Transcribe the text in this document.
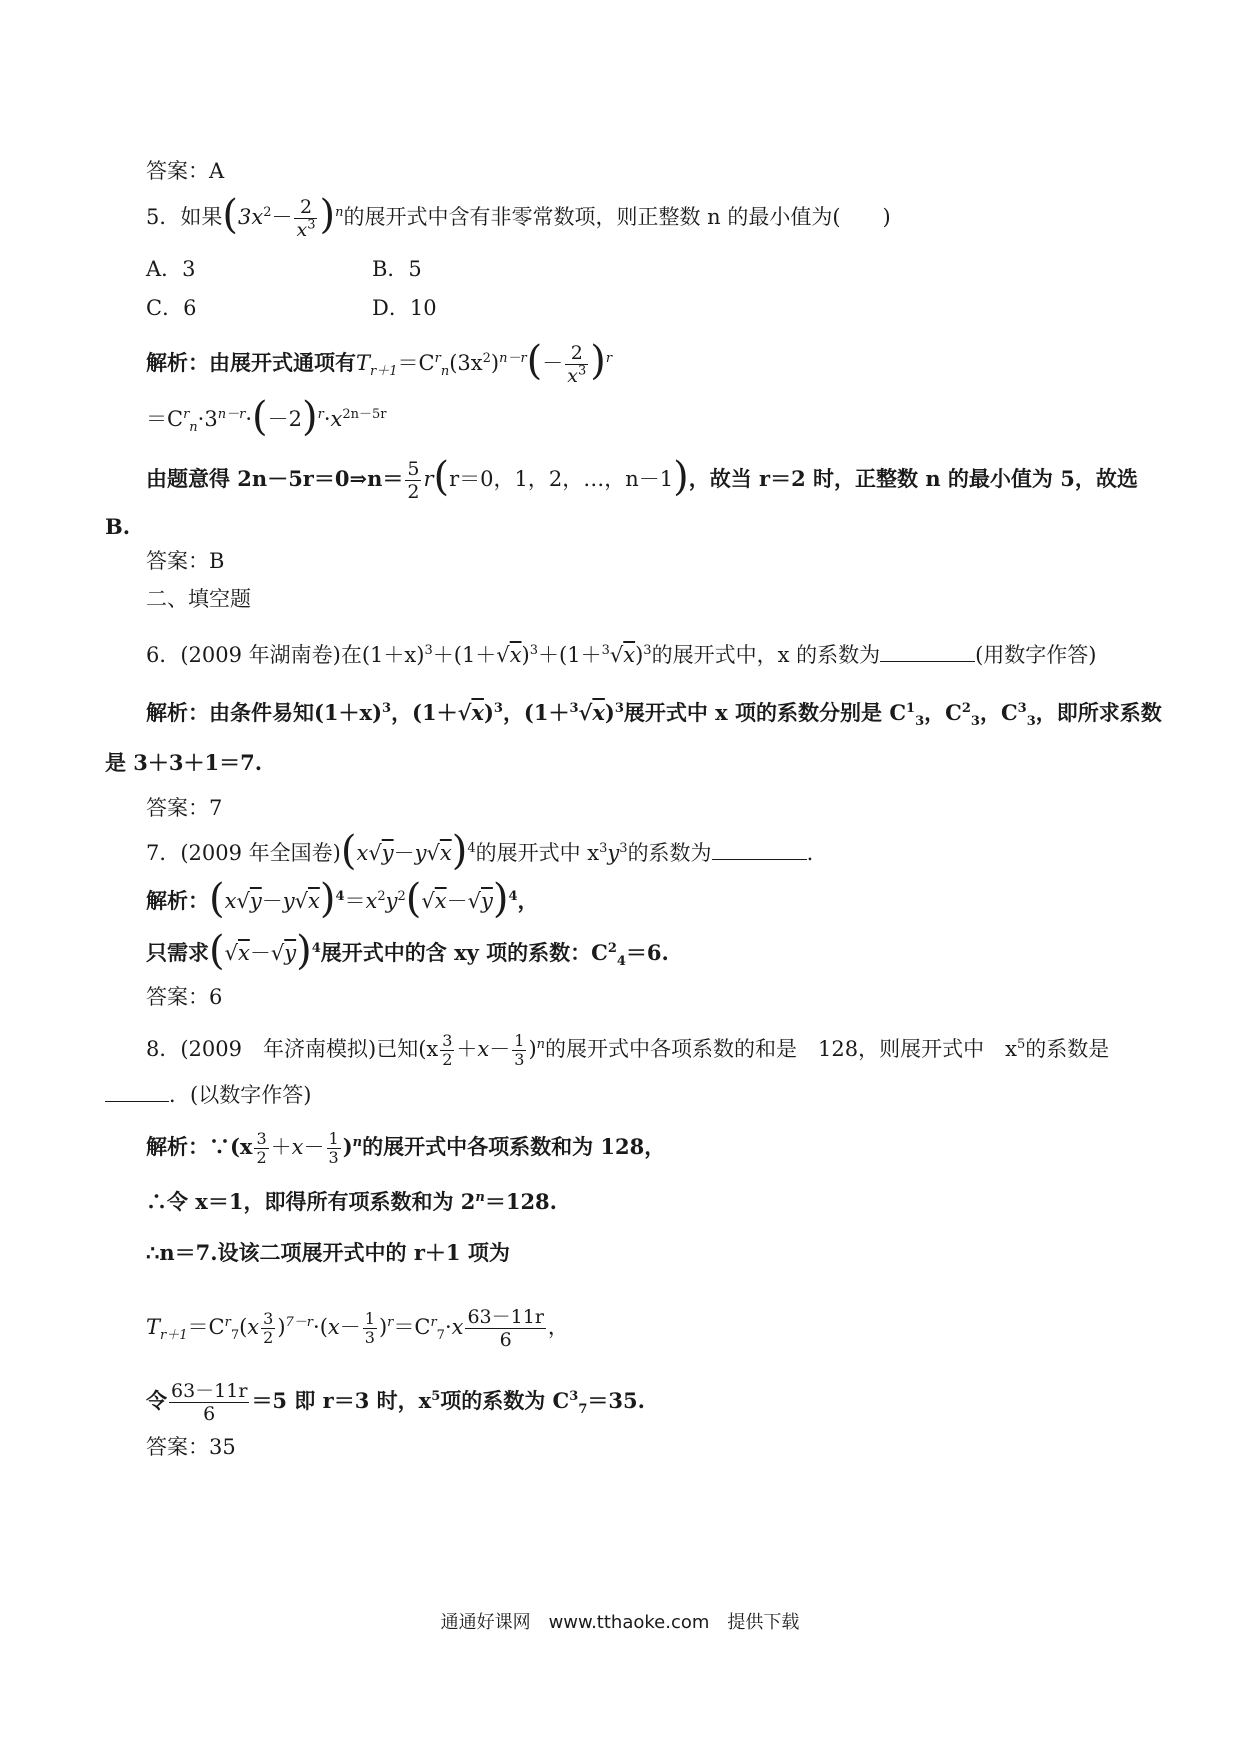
答案：A
5．如果$(3x^2- \frac{2}{x^3} )^n$的展开式中含有非零常数项，则正整数 n 的最小值为(　　)
A．3	B．5
C．6	D．10
解析：由展开式通项有$T_{r+1}=C^r_n(3x^2)^{n-r}(- \frac{2}{x^3} )^r$
$=C^r_n\cdot 3^{n-r}\cdot(-2)^r\cdot x^{2n-5r}$
由题意得 2n－5r＝0⇒n＝ $\frac{5}{2} r(r=0$，1，2，…，n－1)，故当 r＝2 时，正整数 n 的最小值为 5，故选
B.
答案：B
二、填空题
6．(2009 年湖南卷)在$(1+x)^3+(1+√x)^3+(1+^3√x)^3$的展开式中，x 的系数为	(用数字作答)
解析：由条件易知$(1+x)^3$，$(1+√x)^3$，$(1+^3√x)^3$展开式中 x 项的系数分别是 $C^1_3$，$C^2_3$，$C^3_3$，即所求系数
是 3＋3＋1＝7.
答案：7
7．(2009 年全国卷)$(x√y-y√x)^4$的展开式中 $x^3y^3$的系数为	.
解析：$(x√y-y√x)^4=x^2y^2(√x-√y)^4$，
只需求$(√x-√y)^4$展开式中的含 xy 项的系数：$C^2_4=6$.
答案：6
8．(2009　年济南模拟)已知$(x \frac{3}{2} +x- \frac{1}{3} )^n$的展开式中各项系数的和是　128，则展开式中　$x^5$的系数是
．(以数字作答)
解析：∵(x $\frac{3}{2} +x- \frac{1}{3} )^n$的展开式中各项系数和为 128，
∴令 x＝1，即得所有项系数和为 $2^n=128$.
∴n＝7.设该二项展开式中的 r＋1 项为
$T_{r+1}=C^r_7(x \frac{3}{2} )^{7-r}\cdot(x- \frac{1}{3} )^r=C^r_7\cdot x \frac{63-11r}{6}$ ，
令 $\frac{63-11r}{6} =5$ 即 r＝3 时，$x^5$项的系数为 $C^3_7=35$.
答案：35
通通好课网　www.tthaoke.com　提供下载
